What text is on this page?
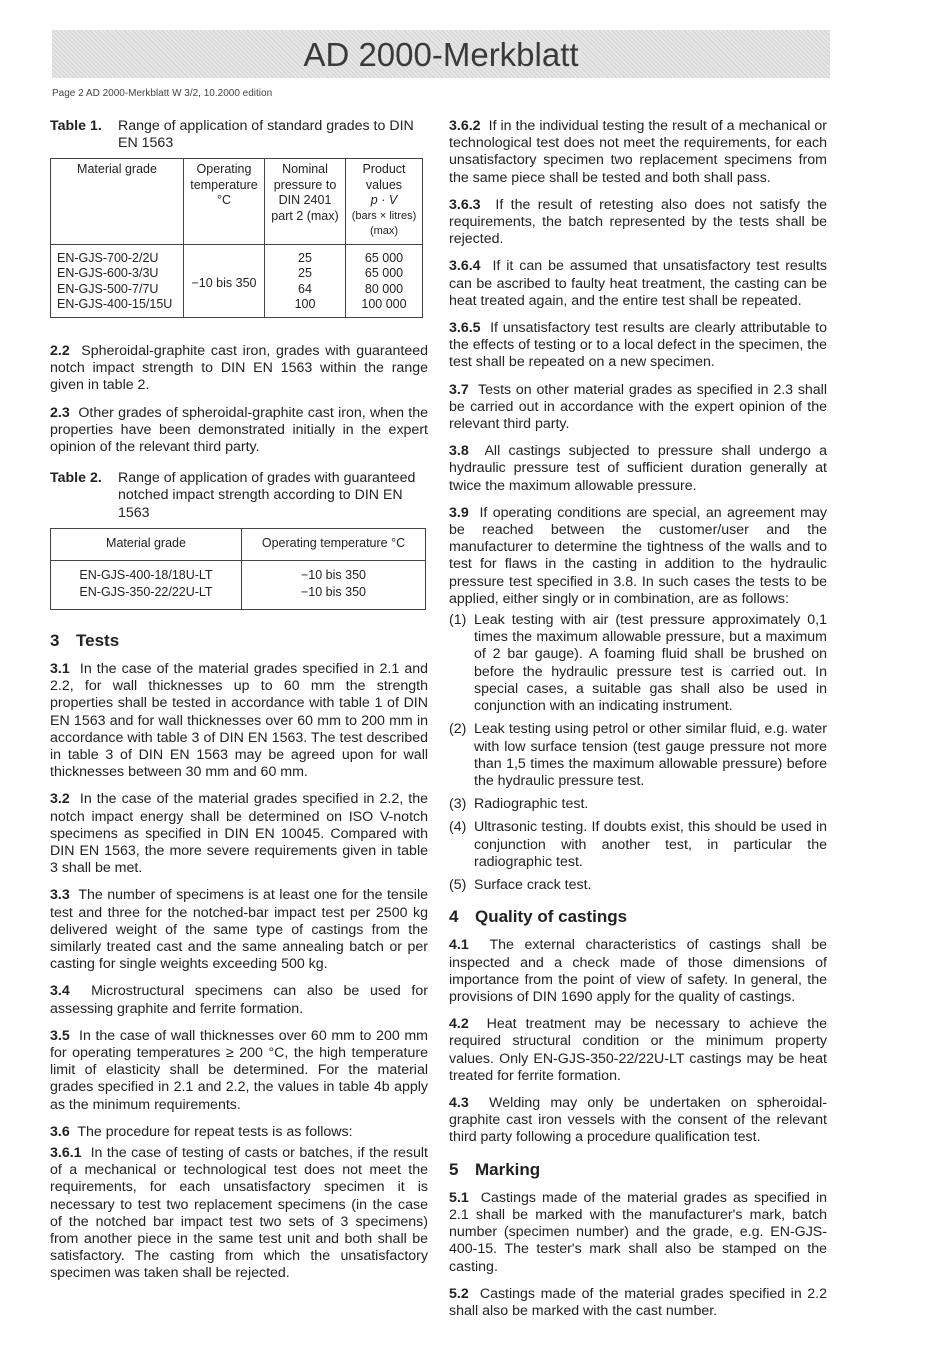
AD 2000-Merkblatt
Page 2 AD 2000-Merkblatt W 3/2, 10.2000 edition
Table 1.	Range of application of standard grades to DIN EN 1563
Material grade	Operating temperature °C	Nominal pressure to DIN 2401 part 2 (max)	Product values
p · V
(bars × litres) (max)

EN-GJS-700-2/2U	−10 bis 350	25	65 000
EN-GJS-600-3/3U		25	65 000
EN-GJS-500-7/7U		64	80 000
EN-GJS-400-15/15U		100	100 000

2.2 Spheroidal-graphite cast iron, grades with guaranteed notch impact strength to DIN EN 1563 within the range given in table 2.

2.3 Other grades of spheroidal-graphite cast iron, when the properties have been demonstrated initially in the expert opinion of the relevant third party.

Table 2.	Range of application of grades with guaranteed notched impact strength according to DIN EN 1563
Material grade	Operating temperature °C
EN-GJS-400-18/18U-LT	−10 bis 350
EN-GJS-350-22/22U-LT	−10 bis 350
3 Tests

3.1 In the case of the material grades specified in 2.1 and 2.2, for wall thicknesses up to 60 mm the strength properties shall be tested in accordance with table 1 of DIN EN 1563 and for wall thicknesses over 60 mm to 200 mm in accordance with table 3 of DIN EN 1563. The test described in table 3 of DIN EN 1563 may be agreed upon for wall thicknesses between 30 mm and 60 mm.

3.2 In the case of the material grades specified in 2.2, the notch impact energy shall be determined on ISO V-notch specimens as specified in DIN EN 10045. Compared with DIN EN 1563, the more severe requirements given in table 3 shall be met.

3.3 The number of specimens is at least one for the tensile test and three for the notched-bar impact test per 2500 kg delivered weight of the same type of castings from the similarly treated cast and the same annealing batch or per casting for single weights exceeding 500 kg.

3.4 Microstructural specimens can also be used for assessing graphite and ferrite formation.

3.5 In the case of wall thicknesses over 60 mm to 200 mm for operating temperatures ≥ 200 °C, the high temperature limit of elasticity shall be determined. For the material grades specified in 2.1 and 2.2, the values in table 4b apply as the minimum requirements.

3.6 The procedure for repeat tests is as follows:

3.6.1 In the case of testing of casts or batches, if the result of a mechanical or technological test does not meet the requirements, for each unsatisfactory specimen it is necessary to test two replacement specimens (in the case of the notched bar impact test two sets of 3 specimens) from another piece in the same test unit and both shall be satisfactory. The casting from which the unsatisfactory specimen was taken shall be rejected.

3.6.2 If in the individual testing the result of a mechanical or technological test does not meet the requirements, for each unsatisfactory specimen two replacement specimens from the same piece shall be tested and both shall pass.

3.6.3 If the result of retesting also does not satisfy the requirements, the batch represented by the tests shall be rejected.

3.6.4 If it can be assumed that unsatisfactory test results can be ascribed to faulty heat treatment, the casting can be heat treated again, and the entire test shall be repeated.

3.6.5 If unsatisfactory test results are clearly attributable to the effects of testing or to a local defect in the specimen, the test shall be repeated on a new specimen.

3.7 Tests on other material grades as specified in 2.3 shall be carried out in accordance with the expert opinion of the relevant third party.

3.8 All castings subjected to pressure shall undergo a hydraulic pressure test of sufficient duration generally at twice the maximum allowable pressure.

3.9 If operating conditions are special, an agreement may be reached between the customer/user and the manufacturer to determine the tightness of the walls and to test for flaws in the casting in addition to the hydraulic pressure test specified in 3.8. In such cases the tests to be applied, either singly or in combination, are as follows:

(1) Leak testing with air (test pressure approximately 0,1 times the maximum allowable pressure, but a maximum of 2 bar gauge). A foaming fluid shall be brushed on before the hydraulic pressure test is carried out. In special cases, a suitable gas shall also be used in conjunction with an indicating instrument.
(2) Leak testing using petrol or other similar fluid, e.g. water with low surface tension (test gauge pressure not more than 1,5 times the maximum allowable pressure) before the hydraulic pressure test.
(3) Radiographic test.
(4) Ultrasonic testing. If doubts exist, this should be used in conjunction with another test, in particular the radiographic test.
(5) Surface crack test.
4 Quality of castings

4.1 The external characteristics of castings shall be inspected and a check made of those dimensions of importance from the point of view of safety. In general, the provisions of DIN 1690 apply for the quality of castings.

4.2 Heat treatment may be necessary to achieve the required structural condition or the minimum property values. Only EN-GJS-350-22/22U-LT castings may be heat treated for ferrite formation.

4.3 Welding may only be undertaken on spheroidal-graphite cast iron vessels with the consent of the relevant third party following a procedure qualification test.

5 Marking

5.1 Castings made of the material grades as specified in 2.1 shall be marked with the manufacturer's mark, batch number (specimen number) and the grade, e.g. EN-GJS-400-15. The tester's mark shall also be stamped on the casting.

5.2 Castings made of the material grades specified in 2.2 shall also be marked with the cast number.
